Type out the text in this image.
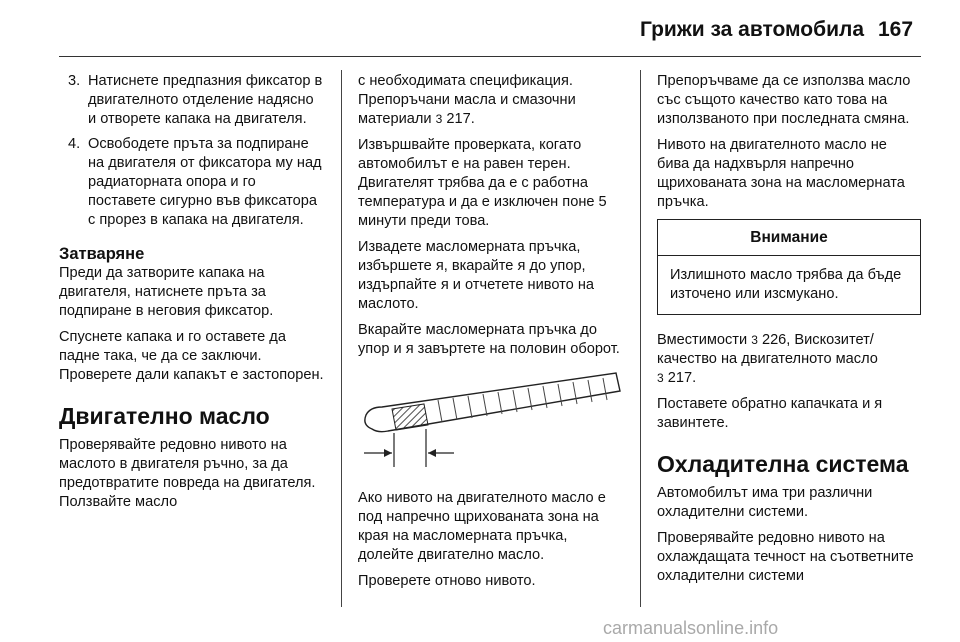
Грижи за автомобила 167
3. Натиснете предпазния фиксатор в двигателното отделение надясно и отворете капака на двигателя.
4. Освободете пръта за подпиране на двигателя от фиксатора му над радиаторната опора и го поставете сигурно във фиксатора с прорез в капака на двигателя.
Затваряне

Преди да затворите капака на двигателя, натиснете пръта за подпиране в неговия фиксатор.

Спуснете капака и го оставете да падне така, че да се заключи. Проверете дали капакът е застопорен.

Двигателно масло

Проверявайте редовно нивото на маслото в двигателя ръчно, за да предотвратите повреда на двигателя. Ползвайте масло

с необходимата спецификация. Препоръчани масла и смазочни материали 3 217.

Извършвайте проверката, когато автомобилът е на равен терен. Двигателят трябва да е с работна температура и да е изключен поне 5 минути преди това.

Извадете масломерната пръчка, избършете я, вкарайте я до упор, издърпайте я и отчетете нивото на маслото.

Вкарайте масломерната пръчка до упор и я завъртете на половин оборот.

Ако нивото на двигателното масло е под напречно щрихованата зона на края на масломерната пръчка, долейте двигателно масло.

Проверете отново нивото.

Препоръчваме да се използва масло със същото качество като това на използваното при последната смяна.

Нивото на двигателното масло не бива да надхвърля напречно щрихованата зона на масломерната пръчка.

Внимание
Излишното масло трябва да бъде източено или изсмукано.

Вместимости 3 226, Вискозитет/ качество на двигателното масло
3 217.

Поставете обратно капачката и я завинтете.

Охладителна система

Автомобилът има три различни охладителни системи.

Проверявайте редовно нивото на охлаждащата течност на съответните охладителни системи

carmanualsonline.info
